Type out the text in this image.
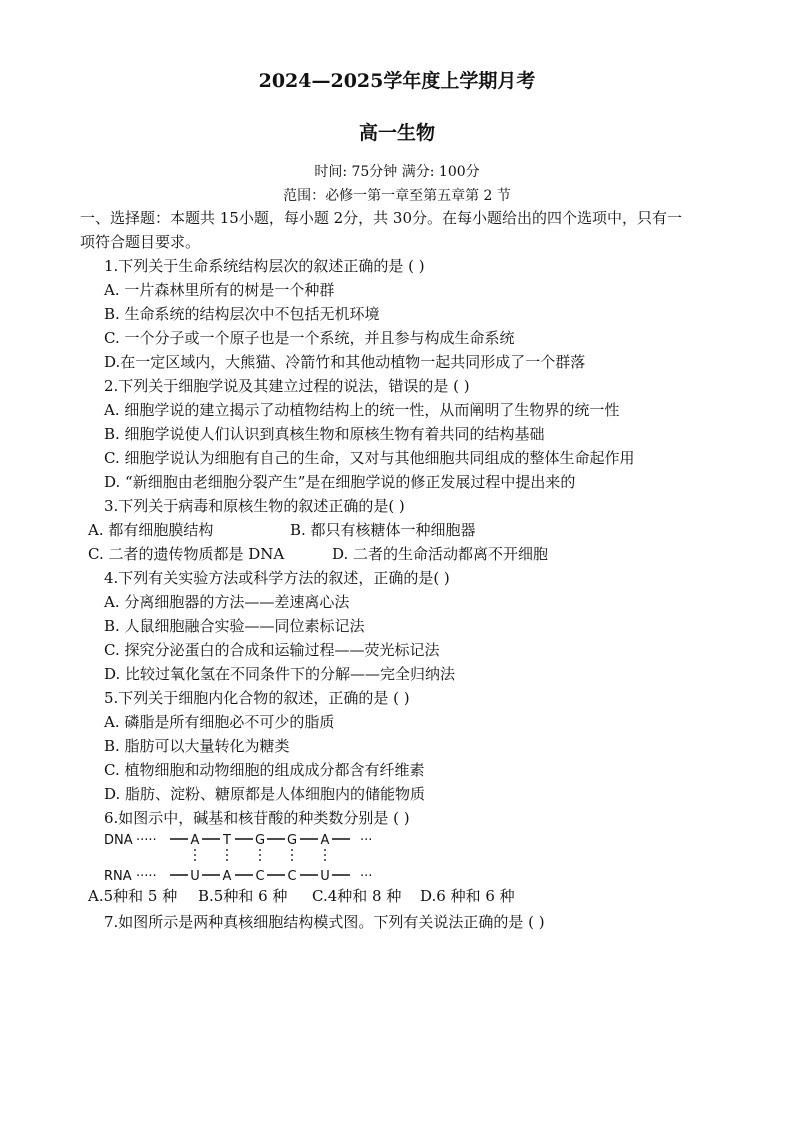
2024—2025学年度上学期月考
高一生物
时间: 75分钟 满分: 100分
范围：必修一第一章至第五章第 2 节
一、选择题：本题共 15小题，每小题 2分，共 30分。在每小题给出的四个选项中，只有一
项符合题目要求。
1.下列关于生命系统结构层次的叙述正确的是 ( )
A. 一片森林里所有的树是一个种群
B. 生命系统的结构层次中不包括无机环境
C. 一个分子或一个原子也是一个系统，并且参与构成生命系统
D.在一定区域内，大熊猫、冷箭竹和其他动植物一起共同形成了一个群落
2.下列关于细胞学说及其建立过程的说法，错误的是 ( )
A. 细胞学说的建立揭示了动植物结构上的统一性，从而阐明了生物界的统一性
B. 细胞学说使人们认识到真核生物和原核生物有着共同的结构基础
C. 细胞学说认为细胞有自己的生命，又对与其他细胞共同组成的整体生命起作用
D. “新细胞由老细胞分裂产生”是在细胞学说的修正发展过程中提出来的
3.下列关于病毒和原核生物的叙述正确的是( )
A. 都有细胞膜结构	B. 都只有核糖体一种细胞器
C. 二者的遗传物质都是 DNA	D. 二者的生命活动都离不开细胞
4.下列有关实验方法或科学方法的叙述，正确的是( )
A. 分离细胞器的方法——差速离心法
B. 人鼠细胞融合实验——同位素标记法
C. 探究分泌蛋白的合成和运输过程——荧光标记法
D. 比较过氧化氢在不同条件下的分解——完全归纳法
5.下列关于细胞内化合物的叙述，正确的是 ( )
A. 磷脂是所有细胞必不可少的脂质
B. 脂肪可以大量转化为糖类
C. 植物细胞和动物细胞的组成成分都含有纤维素
D. 脂肪、淀粉、糖原都是人体细胞内的储能物质
6.如图示中，碱基和核苷酸的种类数分别是 ( )
DNA ·····
RNA ·····
···
···
A T G G A
U A C C U
A.5种和 5 种 B.5种和 6 种 C.4种和 8 种 D.6 种和 6 种
7.如图所示是两种真核细胞结构模式图。下列有关说法正确的是 ( )
